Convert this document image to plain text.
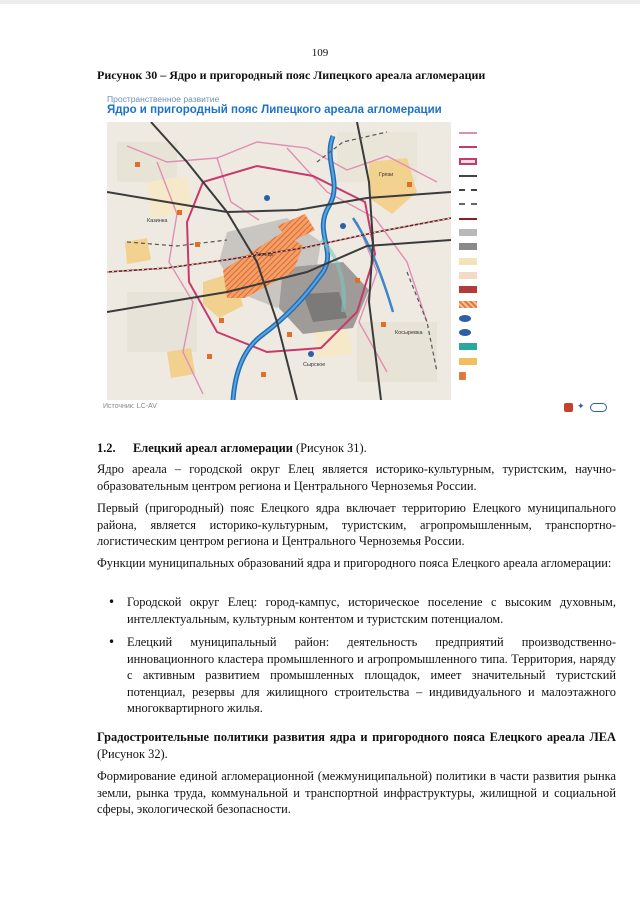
109
Рисунок 30 – Ядро и пригородный пояс Липецкого ареала агломерации
Пространственное развитие
Ядро и пригородный пояс Липецкого ареала агломерации
Липецк
Грязи
Сырское
Казинка
Косыревка
Источник: LC-AV	✦
1.2. Елецкий ареал агломерации (Рисунок 31).
Ядро ареала – городской округ Елец является историко-культурным, туристским, научно-образовательным центром региона и Центрального Черноземья России.
Первый (пригородный) пояс Елецкого ядра включает территорию Елецкого муниципального района, является историко-культурным, туристским, агропромышленным, транспортно-логистическим центром региона и Центрального Черноземья России.
Функции муниципальных образований ядра и пригородного пояса Елецкого ареала агломерации:
• Городской округ Елец: город-кампус, историческое поселение с высоким духовным, интеллектуальным, культурным контентом и туристским потенциалом.
• Елецкий муниципальный район: деятельность предприятий производственно-инновационного кластера промышленного и агропромышленного типа. Территория, наряду с активным развитием промышленных площадок, имеет значительный туристский потенциал, резервы для жилищного строительства – индивидуального и малоэтажного многоквартирного жилья.
Градостроительные политики развития ядра и пригородного пояса Елецкого ареала ЛЕА (Рисунок 32).
Формирование единой агломерационной (межмуниципальной) политики в части развития рынка земли, рынка труда, коммунальной и транспортной инфраструктуры, жилищной и социальной сферы, экологической безопасности.
